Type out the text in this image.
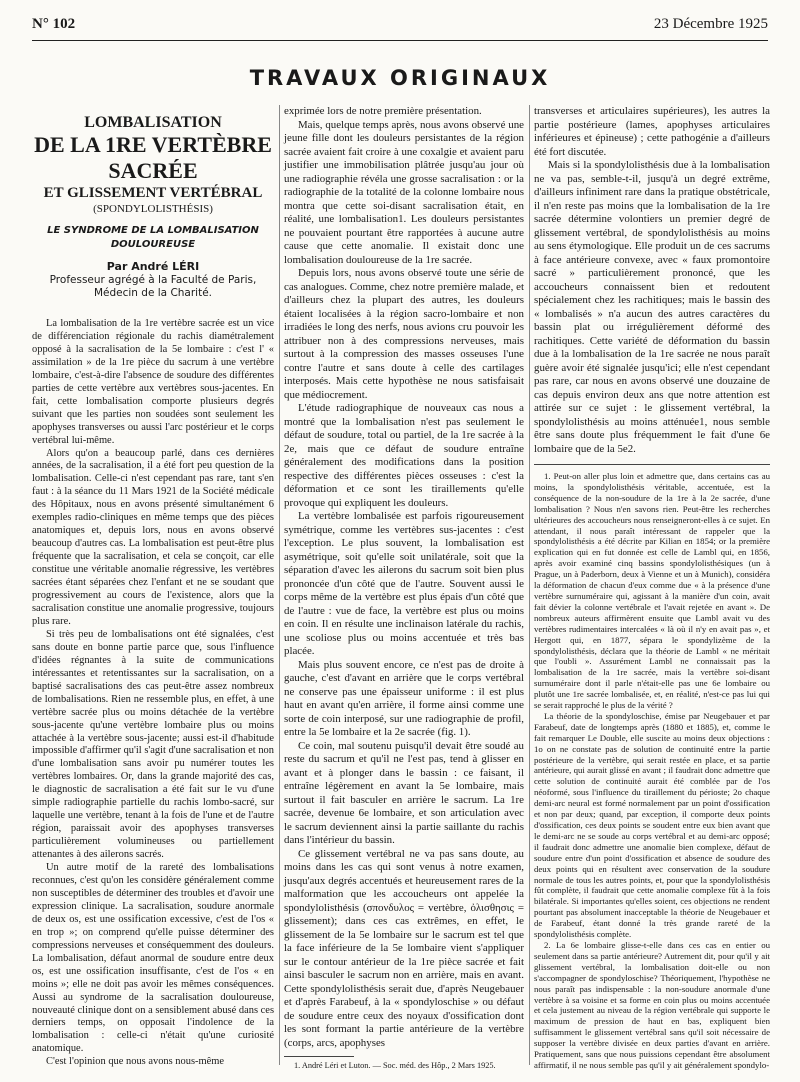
N° 102	23 Décembre 1925
TRAVAUX ORIGINAUX

LOMBALISATION

DE LA 1RE VERTÈBRE SACRÉE

ET GLISSEMENT VERTÉBRAL

(SPONDYLOLISTHÉSIS)

LE SYNDROME DE LA LOMBALISATION DOULOUREUSE

Par André LÉRI

Professeur agrégé à la Faculté de Paris,

Médecin de la Charité.

La lombalisation de la 1re vertèbre sacrée est un vice de différenciation régionale du rachis diamétralement opposé à la sacralisation de la 5e lombaire : c'est l' « assimilation » de la 1re pièce du sacrum à une vertèbre lombaire, c'est-à-dire l'absence de soudure des différentes parties de cette vertèbre aux vertèbres sous-jacentes. En fait, cette lombalisation comporte plusieurs degrés suivant que les parties non soudées sont seulement les apophyses transverses ou aussi l'arc postérieur et le corps vertébral lui-même.

Alors qu'on a beaucoup parlé, dans ces dernières années, de la sacralisation, il a été fort peu question de la lombalisation. Celle-ci n'est cependant pas rare, tant s'en faut : à la séance du 11 Mars 1921 de la Société médicale des Hôpitaux, nous en avons présenté simultanément 6 exemples radio-cliniques en même temps que des pièces anatomiques et, depuis lors, nous en avons observé beaucoup d'autres cas. La lombalisation est peut-être plus fréquente que la sacralisation, et cela se conçoit, car elle constitue une véritable anomalie régressive, les vertèbres sacrées étant séparées chez l'enfant et ne se soudant que progressivement au cours de l'existence, alors que la sacralisation constitue une anomalie progressive, toujours plus rare.

Si très peu de lombalisations ont été signalées, c'est sans doute en bonne partie parce que, sous l'influence d'idées régnantes à la suite de communications intéressantes et retentissantes sur la sacralisation, on a baptisé sacralisations des cas peut-être assez nombreux de lombalisations. Rien ne ressemble plus, en effet, à une vertèbre sacrée plus ou moins détachée de la vertèbre sous-jacente qu'une vertèbre lombaire plus ou moins attachée à la vertèbre sous-jacente; aussi est-il d'habitude impossible d'affirmer qu'il s'agit d'une sacralisation et non d'une lombalisation sans avoir pu numérer toutes les vertèbres lombaires. Or, dans la grande majorité des cas, le diagnostic de sacralisation a été fait sur le vu d'une simple radiographie partielle du rachis lombo-sacré, sur laquelle une vertèbre, tenant à la fois de l'une et de l'autre région, paraissait avoir des apophyses transverses particulièrement volumineuses ou partiellement attenantes à des ailerons sacrés.

Un autre motif de la rareté des lombalisations reconnues, c'est qu'on les considère généralement comme non susceptibles de déterminer des troubles et d'avoir une expression clinique. La sacralisation, soudure anormale de deux os, est une ossification excessive, c'est de l'os « en trop »; on comprend qu'elle puisse déterminer des compressions nerveuses et conséquemment des douleurs. La lombalisation, défaut anormal de soudure entre deux os, est une ossification insuffisante, c'est de l'os « en moins »; elle ne doit pas avoir les mêmes conséquences. Aussi au syndrome de la sacralisation douloureuse, nouveauté clinique dont on a sensiblement abusé dans ces derniers temps, on opposait l'indolence de la lombalisation : celle-ci n'était qu'une curiosité anatomique.

C'est l'opinion que nous avons nous-même

exprimée lors de notre première présentation.

Mais, quelque temps après, nous avons observé une jeune fille dont les douleurs persistantes de la région sacrée avaient fait croire à une coxalgie et avaient paru justifier une immobilisation plâtrée jusqu'au jour où une radiographie révéla une grosse sacralisation : or la radiographie de la totalité de la colonne lombaire nous montra que cette soi-disant sacralisation était, en réalité, une lombalisation1. Les douleurs persistantes ne pouvaient pourtant être rapportées à aucune autre cause que cette anomalie. Il existait donc une lombalisation douloureuse de la 1re sacrée.

Depuis lors, nous avons observé toute une série de cas analogues. Comme, chez notre première malade, et d'ailleurs chez la plupart des autres, les douleurs étaient localisées à la région sacro-lombaire et non irradiées le long des nerfs, nous avions cru pouvoir les attribuer non à des compressions nerveuses, mais surtout à la compression des masses osseuses l'une contre l'autre et sans doute à celle des cartilages interposés. Mais cette hypothèse ne nous satisfaisait que médiocrement.

L'étude radiographique de nouveaux cas nous a montré que la lombalisation n'est pas seulement le défaut de soudure, total ou partiel, de la 1re sacrée à la 2e, mais que ce défaut de soudure entraîne généralement des modifications dans la position respective des différentes pièces osseuses : c'est la déformation et ce sont les tiraillements qu'elle provoque qui expliquent les douleurs.

La vertèbre lombalisée est parfois rigoureusement symétrique, comme les vertèbres sus-jacentes : c'est l'exception. Le plus souvent, la lombalisation est asymétrique, soit qu'elle soit unilatérale, soit que la séparation d'avec les ailerons du sacrum soit bien plus prononcée d'un côté que de l'autre. Souvent aussi le corps même de la vertèbre est plus épais d'un côté que de l'autre : vue de face, la vertèbre est plus ou moins en coin. Il en résulte une inclinaison latérale du rachis, une scoliose plus ou moins accentuée et très bas placée.

Mais plus souvent encore, ce n'est pas de droite à gauche, c'est d'avant en arrière que le corps vertébral ne conserve pas une épaisseur uniforme : il est plus haut en avant qu'en arrière, il forme ainsi comme une sorte de coin interposé, sur une radiographie de profil, entre la 5e lombaire et la 2e sacrée (fig. 1).

Ce coin, mal soutenu puisqu'il devait être soudé au reste du sacrum et qu'il ne l'est pas, tend à glisser en avant et à plonger dans le bassin : ce faisant, il entraîne légèrement en avant la 5e lombaire, mais surtout il fait basculer en arrière le sacrum. La 1re sacrée, devenue 6e lombaire, et son articulation avec le sacrum deviennent ainsi la partie saillante du rachis dans l'intérieur du bassin.

Ce glissement vertébral ne va pas sans doute, au moins dans les cas qui sont venus à notre examen, jusqu'aux degrés accentués et heureusement rares de la malformation que les accoucheurs ont appelée la spondylolisthésis (σπονδυλος = vertèbre, ὀλισθησις = glissement); dans ces cas extrêmes, en effet, le glissement de la 5e lombaire sur le sacrum est tel que la face inférieure de la 5e lombaire vient s'appliquer sur le contour antérieur de la 1re pièce sacrée et fait ainsi basculer le sacrum non en arrière, mais en avant. Cette spondylolisthésis serait due, d'après Neugebauer et d'après Farabeuf, à la « spondyloschise » ou défaut de soudure entre ceux des noyaux d'ossification dont les sont formant la partie antérieure de la vertèbre (corps, arcs, apophyses

1. André Léri et Luton. — Soc. méd. des Hôp., 2 Mars 1925.

transverses et articulaires supérieures), les autres la partie postérieure (lames, apophyses articulaires inférieures et épineuse) ; cette pathogénie a d'ailleurs été fort discutée.

Mais si la spondylolisthésis due à la lombalisation ne va pas, semble-t-il, jusqu'à un degré extrême, d'ailleurs infiniment rare dans la pratique obstétricale, il n'en reste pas moins que la lombalisation de la 1re sacrée détermine volontiers un premier degré de glissement vertébral, de spondylolisthésis au moins au sens étymologique. Elle produit un de ces sacrums à face antérieure convexe, avec « faux promontoire sacré » particulièrement prononcé, que les accoucheurs connaissent bien et redoutent spécialement chez les rachitiques; mais le bassin des « lombalisés » n'a aucun des autres caractères du bassin plat ou irrégulièrement déformé des rachitiques. Cette variété de déformation du bassin due à la lombalisation de la 1re sacrée ne nous paraît guère avoir été signalée jusqu'ici; elle n'est cependant pas rare, car nous en avons observé une douzaine de cas depuis environ deux ans que notre attention est attirée sur ce sujet : le glissement vertébral, la spondylolisthésis au moins atténuée1, nous semble être sans doute plus fréquemment le fait d'une 6e lombaire que de la 5e2.

1. Peut-on aller plus loin et admettre que, dans certains cas au moins, la spondylolisthésis véritable, accentuée, est la conséquence de la non-soudure de la 1re à la 2e sacrée, d'une lombalisation ? Nous n'en savons rien. Peut-être les recherches ultérieures des accoucheurs nous renseigneront-elles à ce sujet. En attendant, il nous paraît intéressant de rappeler que la spondylolisthésis a été décrite par Kilian en 1854; or la première explication qui en fut donnée est celle de Lambl qui, en 1856, après avoir examiné cinq bassins spondylolisthésiques (un à Prague, un à Paderborn, deux à Vienne et un à Munich), considéra la déformation de chacun d'eux comme due « à la présence d'une vertèbre surnuméraire qui, agissant à la manière d'un coin, avait fait dévier la colonne vertébrale et l'avait rejetée en avant ». De nombreux auteurs affirmèrent ensuite que Lambl avait vu des vertèbres rudimentaires intercalées « là où il n'y en avait pas », et Hergott qui, en 1877, sépara le spondylizème de la spondylolisthésis, déclara que la théorie de Lambl « ne méritait que l'oubli ». Assurément Lambl ne connaissait pas la lombalisation de la 1re sacrée, mais la vertèbre soi-disant surnuméraire dont il parle n'était-elle pas une 6e lombaire ou plutôt une 1re sacrée lombalisée, et, en réalité, n'est-ce pas lui qui se serait rapproché le plus de la vérité ?

La théorie de la spondyloschise, émise par Neugebauer et par Farabeuf, date de longtemps après (1880 et 1885), et, comme le fait remarquer Le Double, elle suscite au moins deux objections : 1o on ne constate pas de solution de continuité entre la partie postérieure de la vertèbre, qui serait restée en place, et sa partie antérieure, qui aurait glissé en avant ; il faudrait donc admettre que cette solution de continuité aurait été comblée par de l'os néoformé, sous l'influence du tiraillement du périoste; 2o chaque demi-arc neural est formé normalement par un point d'ossification et non par deux; quand, par exception, il comporte deux points d'ossification, ces deux points se soudent entre eux bien avant que le demi-arc ne se soude au corps vertébral et au demi-arc opposé; il faudrait donc admettre une anomalie bien complexe, défaut de soudure entre d'un point d'ossification et absence de soudure des deux points qui en résultent avec conservation de la soudure normale de tous les autres points, et, pour que la spondylolisthésis fût complète, il faudrait que cette anomalie complexe fût à la fois bilatérale. Si importantes qu'elles soient, ces objections ne rendent pourtant pas absolument inacceptable la théorie de Neugebauer et de Farabeuf, étant donné la très grande rareté de la spondylolisthésis complète.

2. La 6e lombaire glisse-t-elle dans ces cas en entier ou seulement dans sa partie antérieure? Autrement dit, pour qu'il y ait glissement vertébral, la lombalisation doit-elle ou non s'accompagner de spondyloschise? Théoriquement, l'hypothèse ne nous paraît pas indispensable : la non-soudure anormale d'une vertèbre à sa voisine et sa forme en coin plus ou moins accentuée et cela justement au niveau de la région vertébrale qui supporte le maximum de pression de haut en bas, expliquent bien suffisamment le glissement vertébral sans qu'il soit nécessaire de supposer la vertèbre divisée en deux parties d'avant en arrière. Pratiquement, sans que nous puissions cependant être absolument affirmatif, il ne nous semble pas qu'il y ait généralement spondylo-
